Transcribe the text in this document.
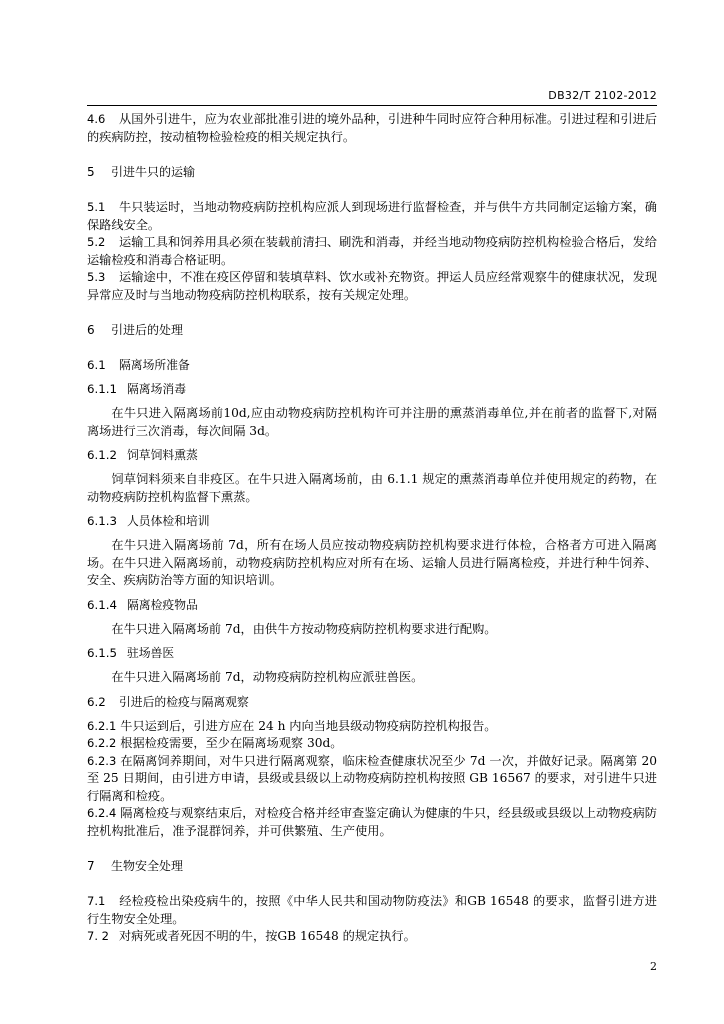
DB32/T 2102-2012

4.6 从国外引进牛，应为农业部批准引进的境外品种，引进种牛同时应符合种用标准。引进过程和引进后的疾病防控，按动植物检验检疫的相关规定执行。

5 引进牛只的运输

5.1 牛只装运时，当地动物疫病防控机构应派人到现场进行监督检查，并与供牛方共同制定运输方案，确保路线安全。

5.2 运输工具和饲养用具必须在装载前清扫、刷洗和消毒，并经当地动物疫病防控机构检验合格后，发给运输检疫和消毒合格证明。

5.3 运输途中，不准在疫区停留和装填草料、饮水或补充物资。押运人员应经常观察牛的健康状况，发现异常应及时与当地动物疫病防控机构联系，按有关规定处理。

6 引进后的处理
6.1 隔离场所准备
6.1.1 隔离场消毒

在牛只进入隔离场前10d,应由动物疫病防控机构许可并注册的熏蒸消毒单位,并在前者的监督下,对隔离场进行三次消毒，每次间隔 3d。

6.1.2 饲草饲料熏蒸

饲草饲料须来自非疫区。在牛只进入隔离场前，由 6.1.1 规定的熏蒸消毒单位并使用规定的药物，在动物疫病防控机构监督下熏蒸。

6.1.3 人员体检和培训

在牛只进入隔离场前 7d，所有在场人员应按动物疫病防控机构要求进行体检，合格者方可进入隔离场。在牛只进入隔离场前，动物疫病防控机构应对所有在场、运输人员进行隔离检疫，并进行种牛饲养、安全、疾病防治等方面的知识培训。

6.1.4 隔离检疫物品

在牛只进入隔离场前 7d，由供牛方按动物疫病防控机构要求进行配购。

6.1.5 驻场兽医

在牛只进入隔离场前 7d，动物疫病防控机构应派驻兽医。

6.2 引进后的检疫与隔离观察

6.2.1 牛只运到后，引进方应在 24 h 内向当地县级动物疫病防控机构报告。

6.2.2 根据检疫需要，至少在隔离场观察 30d。

6.2.3 在隔离饲养期间，对牛只进行隔离观察，临床检查健康状况至少 7d 一次，并做好记录。隔离第 20 至 25 日期间，由引进方申请，县级或县级以上动物疫病防控机构按照 GB 16567 的要求，对引进牛只进行隔离和检疫。

6.2.4 隔离检疫与观察结束后，对检疫合格并经审查鉴定确认为健康的牛只，经县级或县级以上动物疫病防控机构批准后，准予混群饲养，并可供繁殖、生产使用。

7 生物安全处理

7.1 经检疫检出染疫病牛的，按照《中华人民共和国动物防疫法》和GB 16548 的要求，监督引进方进行生物安全处理。

7. 2 对病死或者死因不明的牛，按GB 16548 的规定执行。

2
